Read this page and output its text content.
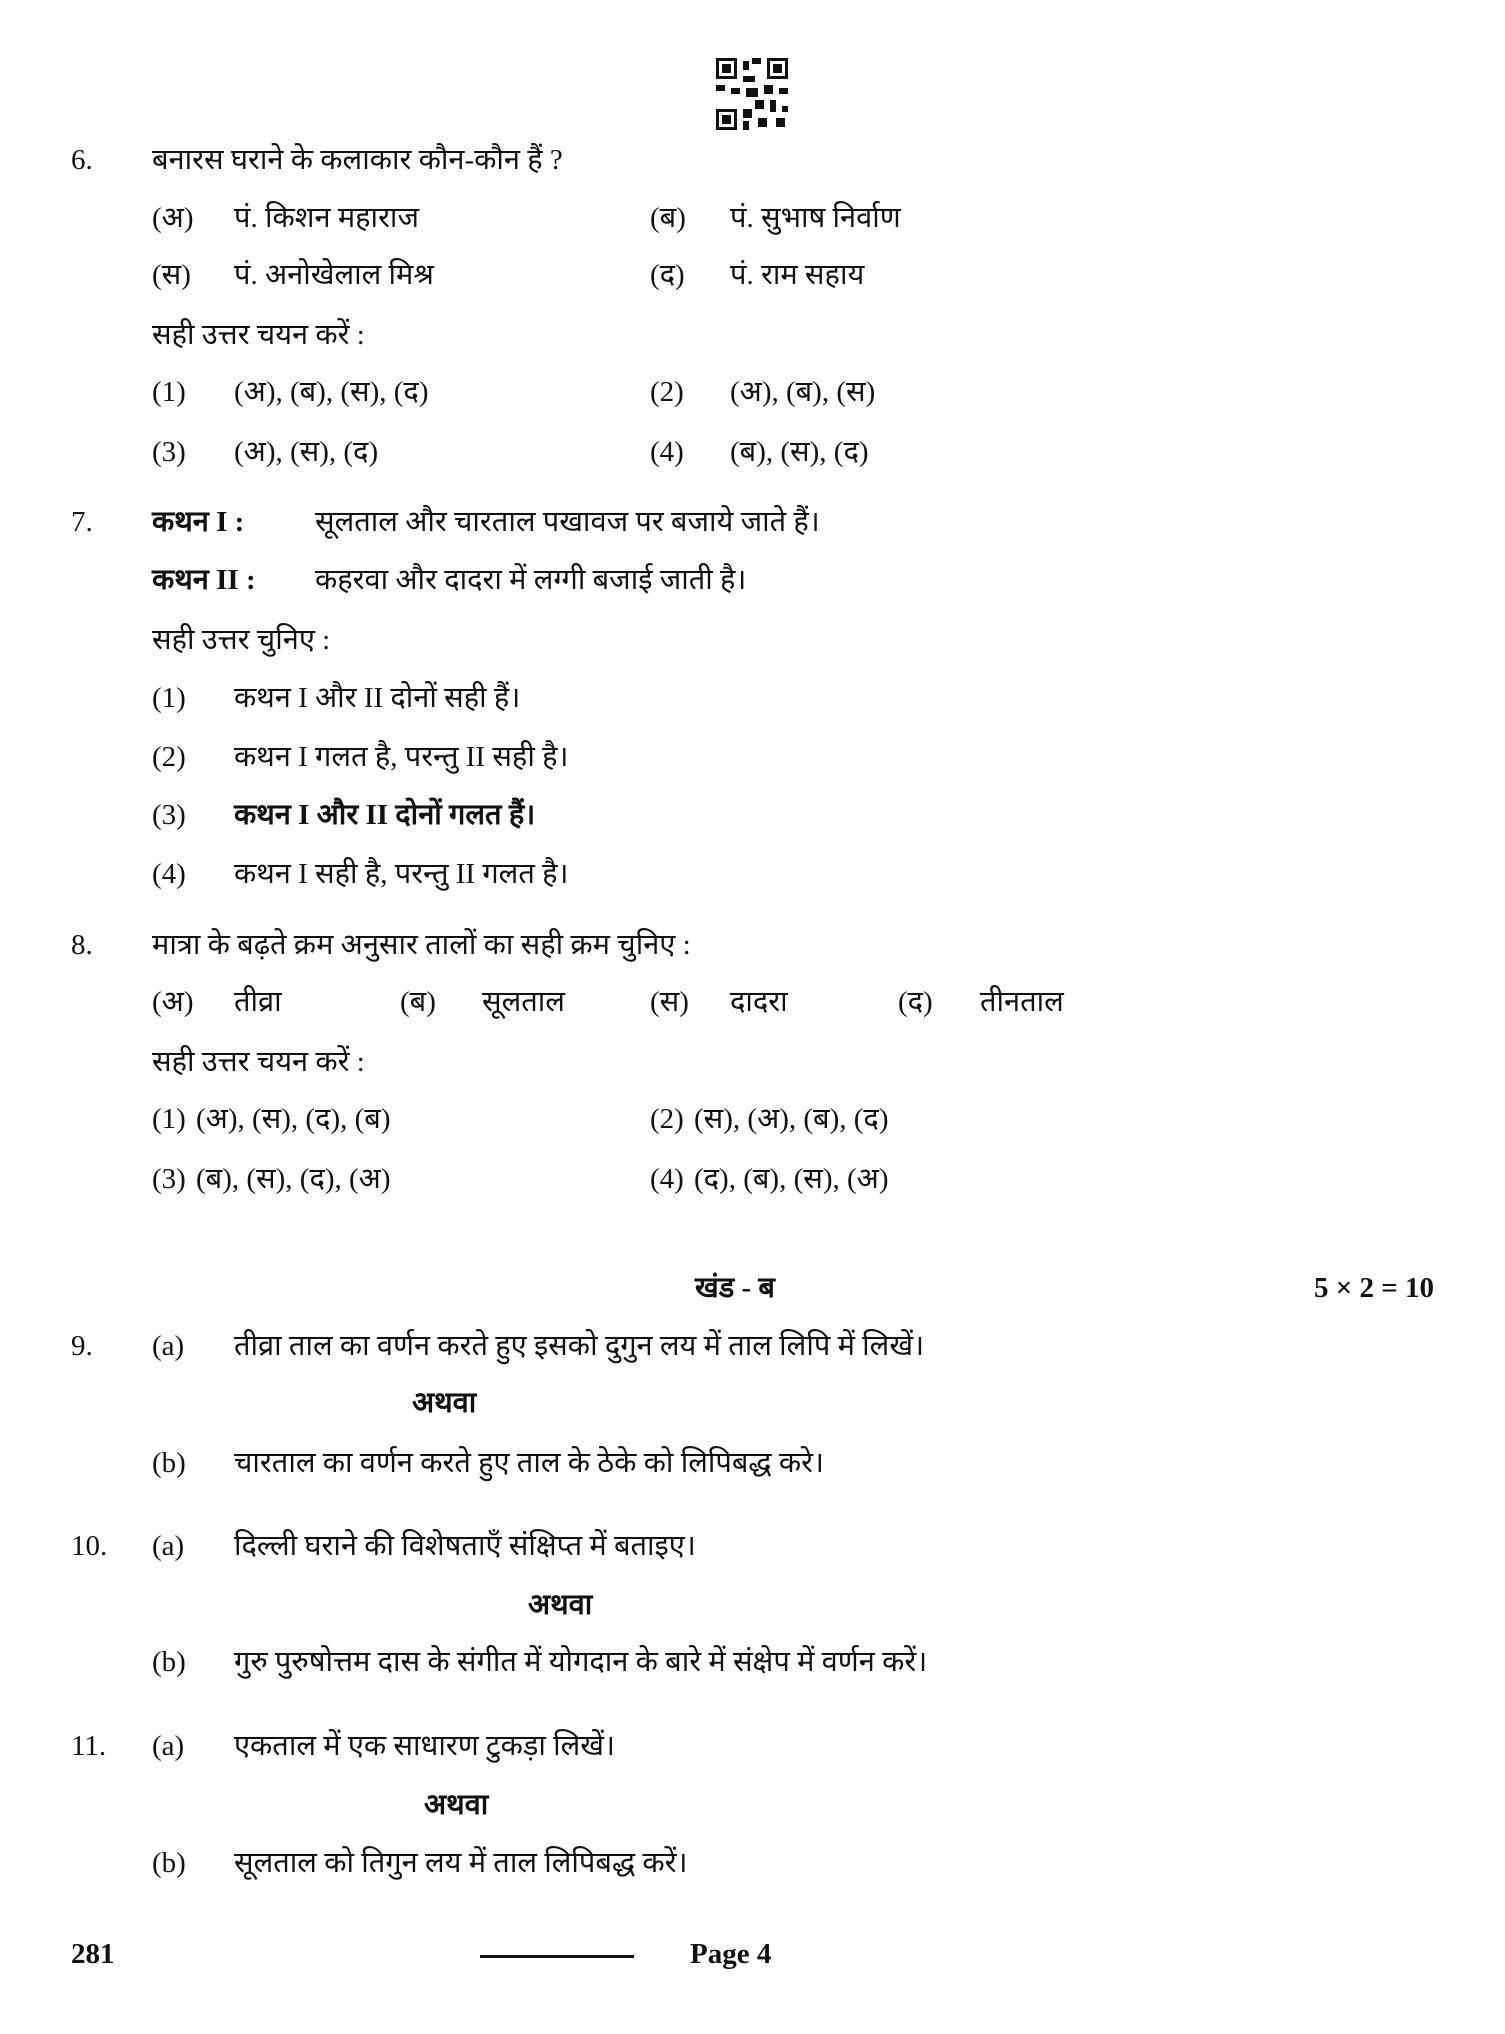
6. बनारस घराने के कलाकार कौन-कौन हैं ?
(अ) पं. किशन महाराज	(ब) पं. सुभाष निर्वाण
(स) पं. अनोखेलाल मिश्र	(द) पं. राम सहाय
सही उत्तर चयन करें :
(1) (अ), (ब), (स), (द)	(2) (अ), (ब), (स)
(3) (अ), (स), (द)	(4) (ब), (स), (द)
7. कथन I : सूलताल और चारताल पखावज पर बजाये जाते हैं।
कथन II : कहरवा और दादरा में लग्गी बजाई जाती है।
सही उत्तर चुनिए :
(1) कथन I और II दोनों सही हैं।
(2) कथन I गलत है, परन्तु II सही है।
(3) कथन I और II दोनों गलत हैं।
(4) कथन I सही है, परन्तु II गलत है।
8. मात्रा के बढ़ते क्रम अनुसार तालों का सही क्रम चुनिए :
(अ) तीव्रा	(ब) सूलताल	(स) दादरा	(द) तीनताल
सही उत्तर चयन करें :
(1) (अ), (स), (द), (ब)	(2) (स), (अ), (ब), (द)
(3) (ब), (स), (द), (अ)	(4) (द), (ब), (स), (अ)
खंड - ब	5 × 2 = 10
9. (a) तीव्रा ताल का वर्णन करते हुए इसको दुगुन लय में ताल लिपि में लिखें।
अथवा
(b) चारताल का वर्णन करते हुए ताल के ठेके को लिपिबद्ध करे।
10. (a) दिल्ली घराने की विशेषताएँ संक्षिप्त में बताइए।
अथवा
(b) गुरु पुरुषोत्तम दास के संगीत में योगदान के बारे में संक्षेप में वर्णन करें।
11. (a) एकताल में एक साधारण टुकड़ा लिखें।
अथवा
(b) सूलताल को तिगुन लय में ताल लिपिबद्ध करें।
281	Page 4
